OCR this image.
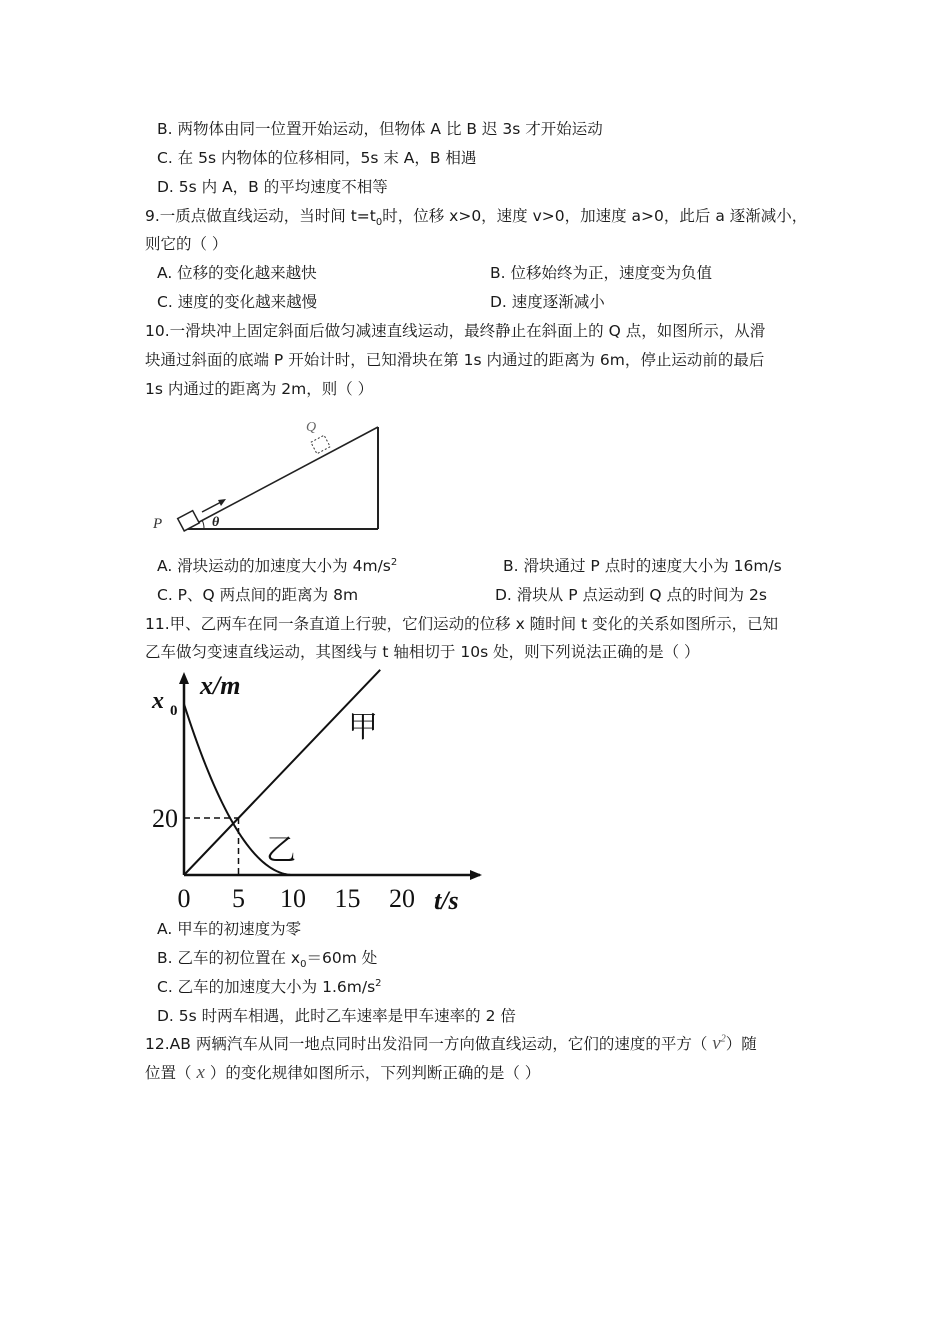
B. 两物体由同一位置开始运动，但物体 A 比 B 迟 3s 才开始运动
C. 在 5s 内物体的位移相同，5s 末 A，B 相遇
D. 5s 内 A，B 的平均速度不相等
9.一质点做直线运动，当时间 $t=t_0$时，位移 x>0，速度 v>0，加速度 a>0，此后 a 逐渐减小，
则它的（ ）
A. 位移的变化越来越快	B. 位移始终为正，速度变为负值
C. 速度的变化越来越慢	D. 速度逐渐减小
10.一滑块冲上固定斜面后做匀减速直线运动，最终静止在斜面上的 Q 点，如图所示，从滑
块通过斜面的底端 P 开始计时，已知滑块在第 1s 内通过的距离为 6m，停止运动前的最后
1s 内通过的距离为 2m，则（ ）
P
Q
θ
A. 滑块运动的加速度大小为 $4m/s^2$	B. 滑块通过 P 点时的速度大小为 16m/s
C. P、Q 两点间的距离为 8m	D. 滑块从 P 点运动到 Q 点的时间为 2s
11.甲、乙两车在同一条直道上行驶，它们运动的位移 x 随时间 t 变化的关系如图所示，已知
乙车做匀变速直线运动，其图线与 t 轴相切于 10s 处，则下列说法正确的是（ ）
x/m
t/s
0 5 10 15 20
20
x 0	甲
乙
A. 甲车的初速度为零
B. 乙车的初位置在 $x_0=60m$ 处
C. 乙车的加速度大小为 $1.6m/s^2$
D. 5s 时两车相遇，此时乙车速率是甲车速率的 2 倍
12.AB 两辆汽车从同一地点同时出发沿同一方向做直线运动，它们的速度的平方（ $v^2$）随
位置（ x ）的变化规律如图所示，下列判断正确的是（ ）
